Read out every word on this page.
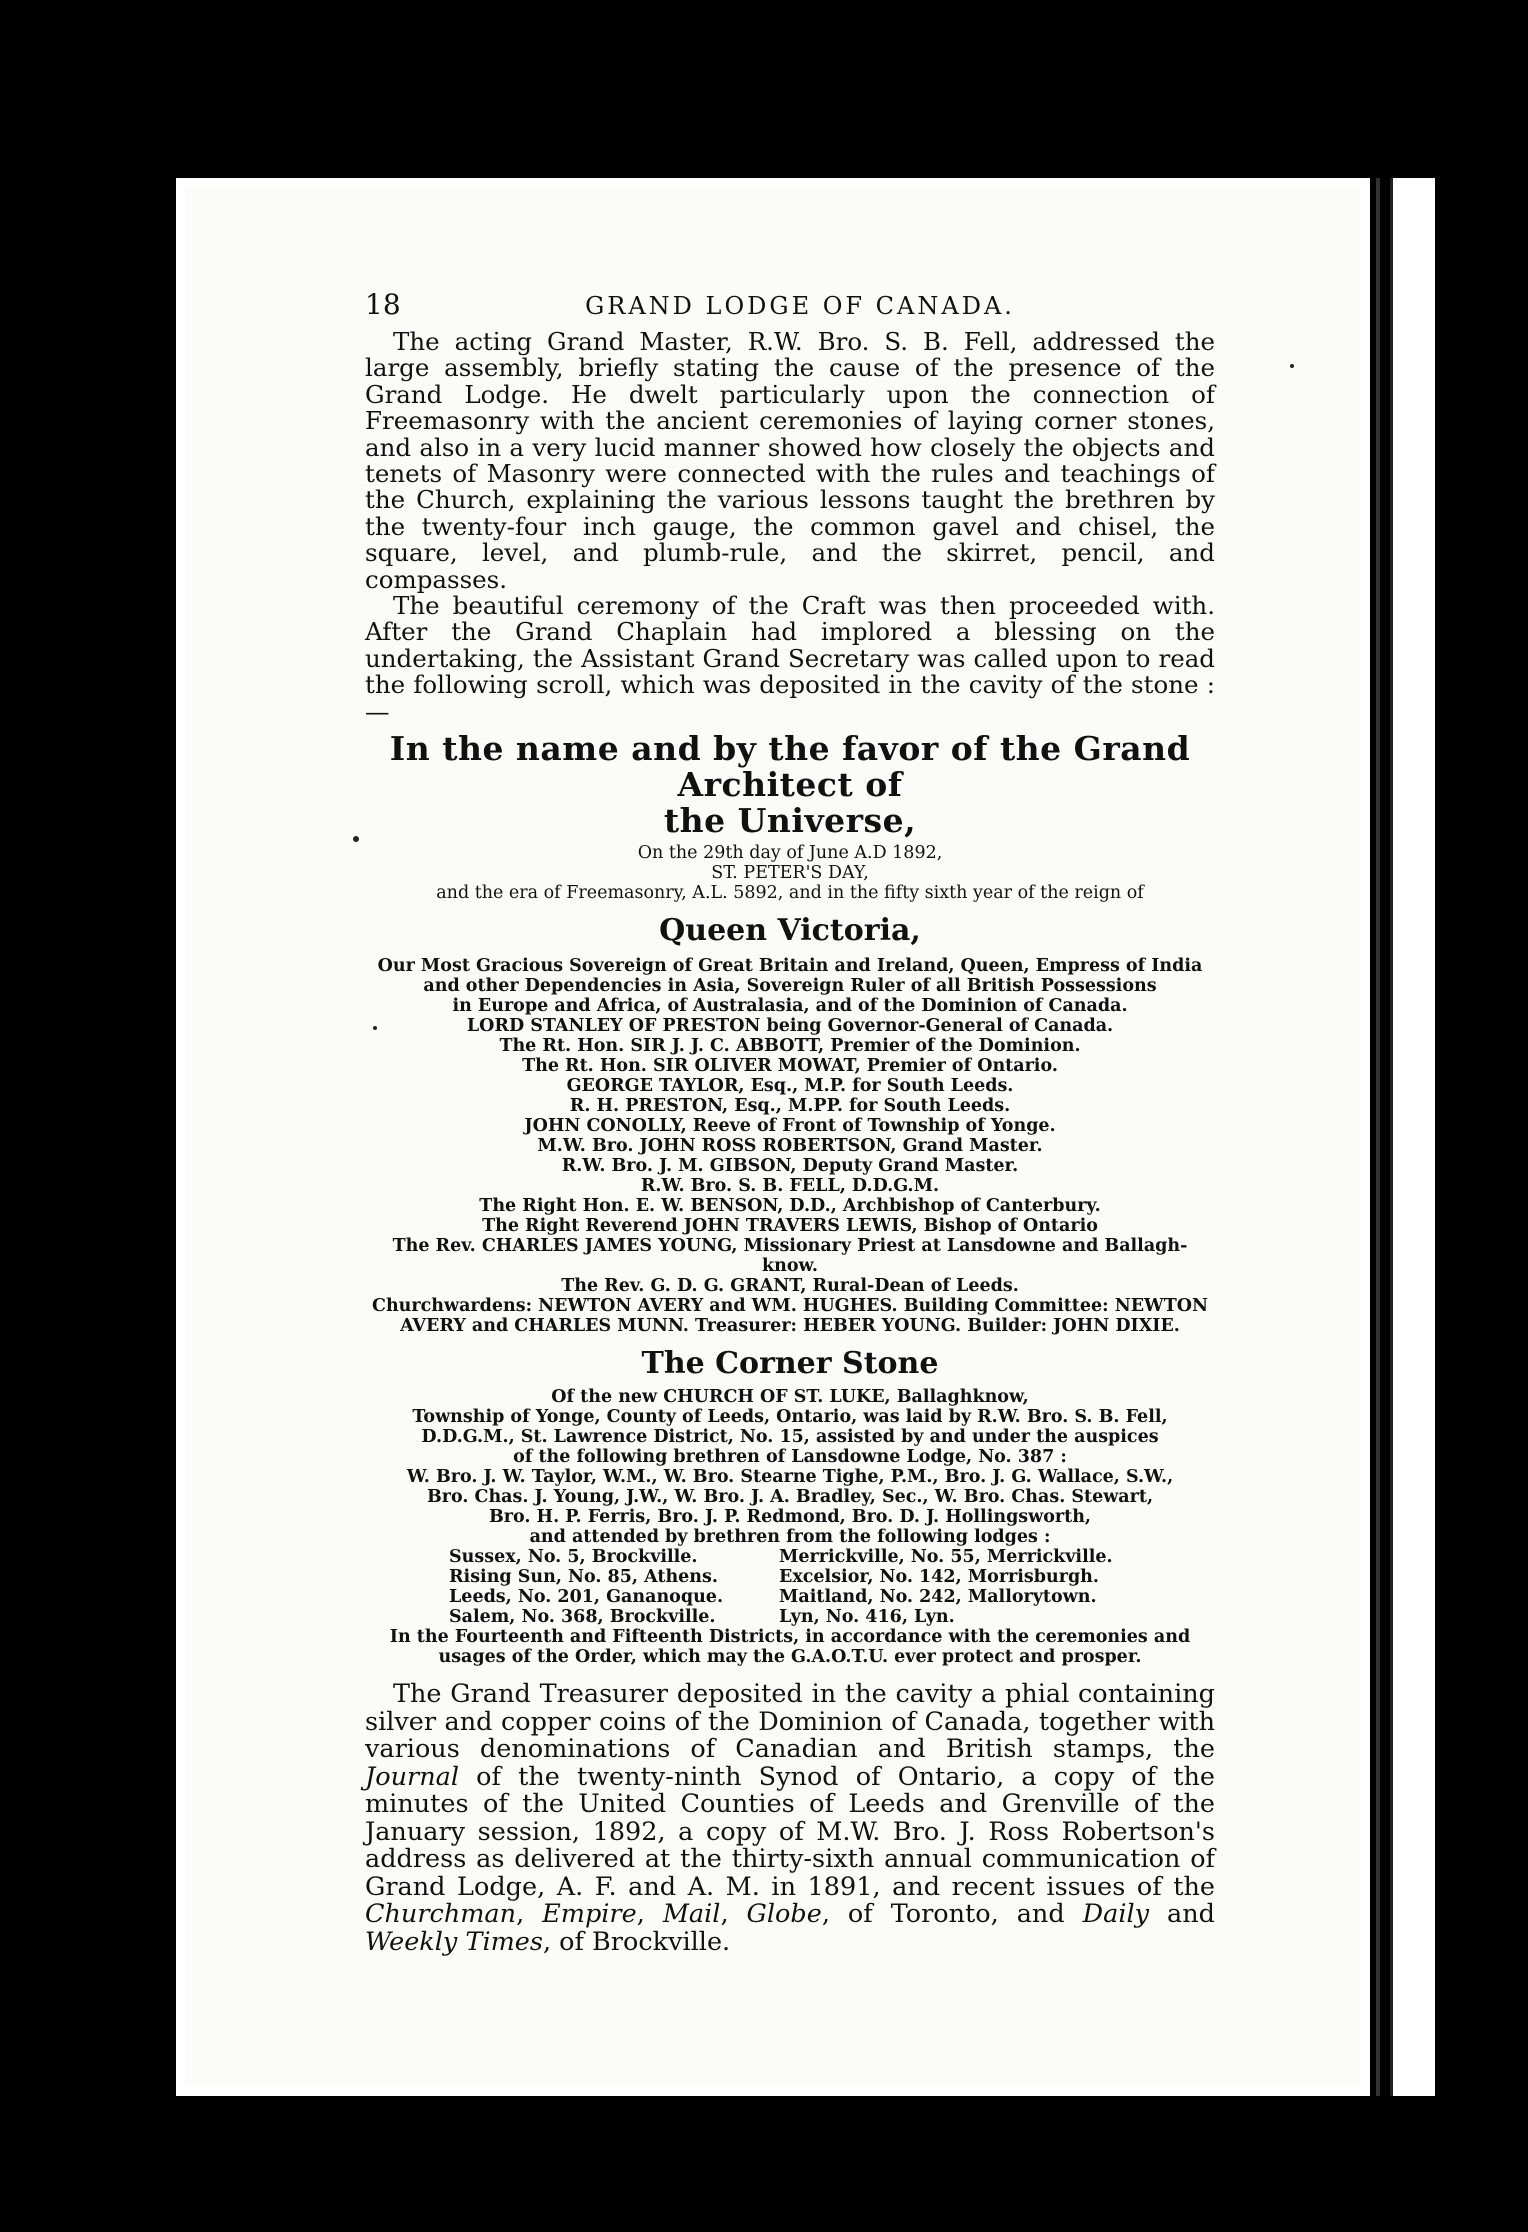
18	GRAND LODGE OF CANADA.

The acting Grand Master, R.W. Bro. S. B. Fell, addressed the large assembly, briefly stating the cause of the presence of the Grand Lodge. He dwelt particularly upon the connection of Freemasonry with the ancient ceremonies of laying corner stones, and also in a very lucid manner showed how closely the objects and tenets of Masonry were connected with the rules and teachings of the Church, explaining the various lessons taught the brethren by the twenty-four inch gauge, the common gavel and chisel, the square, level, and plumb-rule, and the skirret, pencil, and compasses.

The beautiful ceremony of the Craft was then proceeded with. After the Grand Chaplain had implored a blessing on the undertaking, the Assistant Grand Secretary was called upon to read the following scroll, which was deposited in the cavity of the stone :—

In the name and by the favor of the Grand Architect of
the Universe,
On the 29th day of June A.D 1892,
ST. PETER'S DAY,
and the era of Freemasonry, A.L. 5892, and in the fifty sixth year of the reign of
Queen Victoria,
Our Most Gracious Sovereign of Great Britain and Ireland, Queen, Empress of India
and other Dependencies in Asia, Sovereign Ruler of all British Possessions
in Europe and Africa, of Australasia, and of the Dominion of Canada.
LORD STANLEY OF PRESTON being Governor-General of Canada.
The Rt. Hon. SIR J. J. C. ABBOTT, Premier of the Dominion.
The Rt. Hon. SIR OLIVER MOWAT, Premier of Ontario.
GEORGE TAYLOR, Esq., M.P. for South Leeds.
R. H. PRESTON, Esq., M.PP. for South Leeds.
JOHN CONOLLY, Reeve of Front of Township of Yonge.
M.W. Bro. JOHN ROSS ROBERTSON, Grand Master.
R.W. Bro. J. M. GIBSON, Deputy Grand Master.
R.W. Bro. S. B. FELL, D.D.G.M.
The Right Hon. E. W. BENSON, D.D., Archbishop of Canterbury.
The Right Reverend JOHN TRAVERS LEWIS, Bishop of Ontario
The Rev. CHARLES JAMES YOUNG, Missionary Priest at Lansdowne and Ballagh-
know.
The Rev. G. D. G. GRANT, Rural-Dean of Leeds.
Churchwardens: NEWTON AVERY and WM. HUGHES. Building Committee: NEWTON
AVERY and CHARLES MUNN. Treasurer: HEBER YOUNG. Builder: JOHN DIXIE.
The Corner Stone
Of the new CHURCH OF ST. LUKE, Ballaghknow,
Township of Yonge, County of Leeds, Ontario, was laid by R.W. Bro. S. B. Fell,
D.D.G.M., St. Lawrence District, No. 15, assisted by and under the auspices
of the following brethren of Lansdowne Lodge, No. 387 :
W. Bro. J. W. Taylor, W.M., W. Bro. Stearne Tighe, P.M., Bro. J. G. Wallace, S.W.,
Bro. Chas. J. Young, J.W., W. Bro. J. A. Bradley, Sec., W. Bro. Chas. Stewart,
Bro. H. P. Ferris, Bro. J. P. Redmond, Bro. D. J. Hollingsworth,
and attended by brethren from the following lodges :
Sussex, No. 5, Brockville.	Merrickville, No. 55, Merrickville.
Rising Sun, No. 85, Athens.	Excelsior, No. 142, Morrisburgh.
Leeds, No. 201, Gananoque.	Maitland, No. 242, Mallorytown.
Salem, No. 368, Brockville.	Lyn, No. 416, Lyn.
In the Fourteenth and Fifteenth Districts, in accordance with the ceremonies and
usages of the Order, which may the G.A.O.T.U. ever protect and prosper.

The Grand Treasurer deposited in the cavity a phial containing silver and copper coins of the Dominion of Canada, together with various denominations of Canadian and British stamps, the Journal of the twenty-ninth Synod of Ontario, a copy of the minutes of the United Counties of Leeds and Grenville of the January session, 1892, a copy of M.W. Bro. J. Ross Robertson's address as delivered at the thirty-sixth annual communication of Grand Lodge, A. F. and A. M. in 1891, and recent issues of the Churchman, Empire, Mail, Globe, of Toronto, and Daily and Weekly Times, of Brockville.
